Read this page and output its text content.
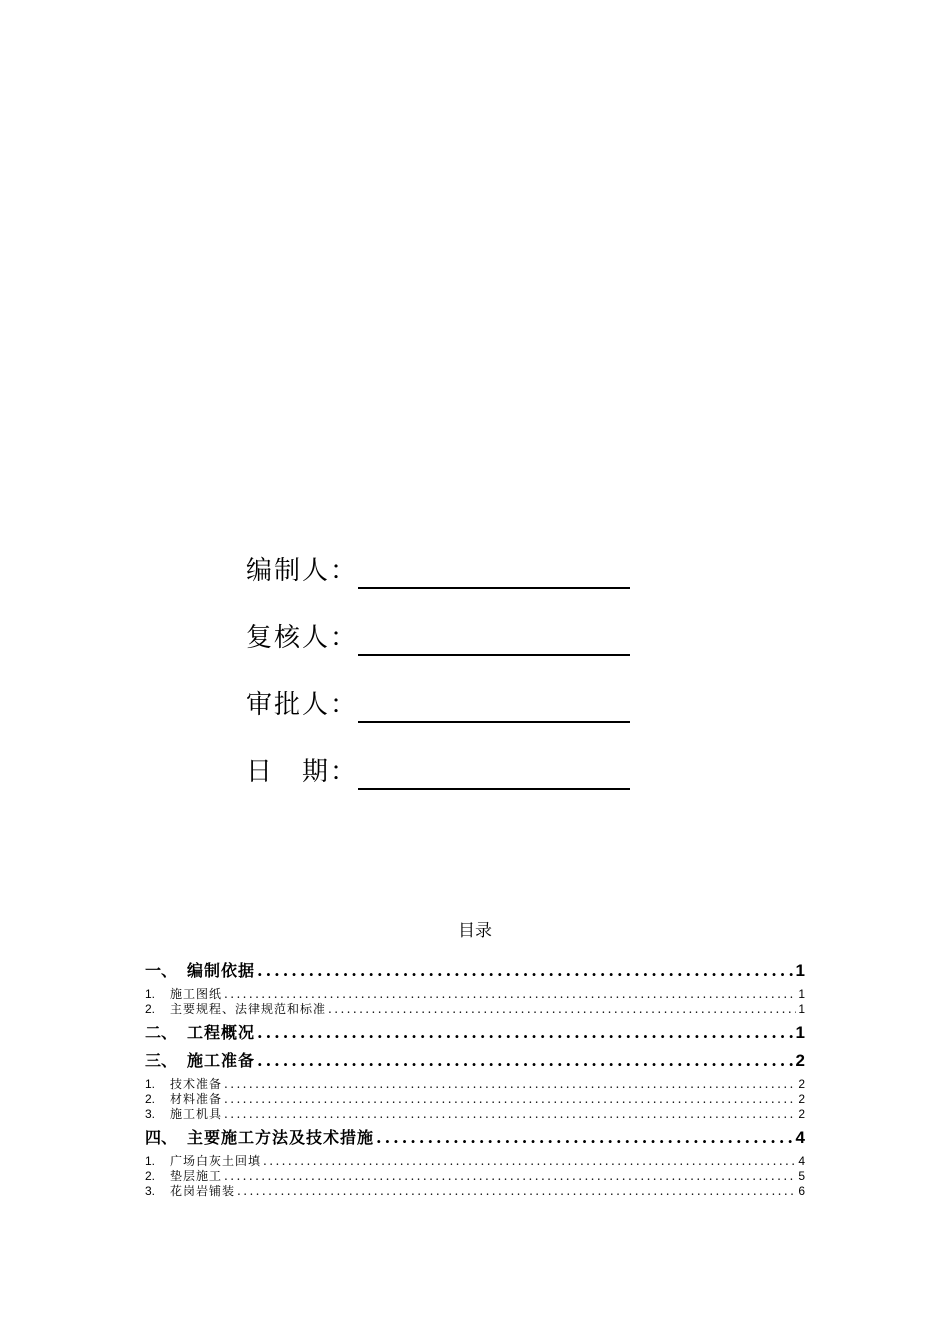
编制人：
复核人：
审批人：
日　期：
目录
一、 编制依据 .....	1
1.	施工图纸 .....	1
2.	主要规程、法律规范和标准 .....	1
二、 工程概况 .....	1
三、 施工准备 .....	2
1.	技术准备 .....	2
2.	材料准备 .....	2
3.	施工机具 .....	2
四、 主要施工方法及技术措施 .....	4
1.	广场白灰土回填 .....	4
2.	垫层施工 .....	5
3.	花岗岩铺装 .....	6
